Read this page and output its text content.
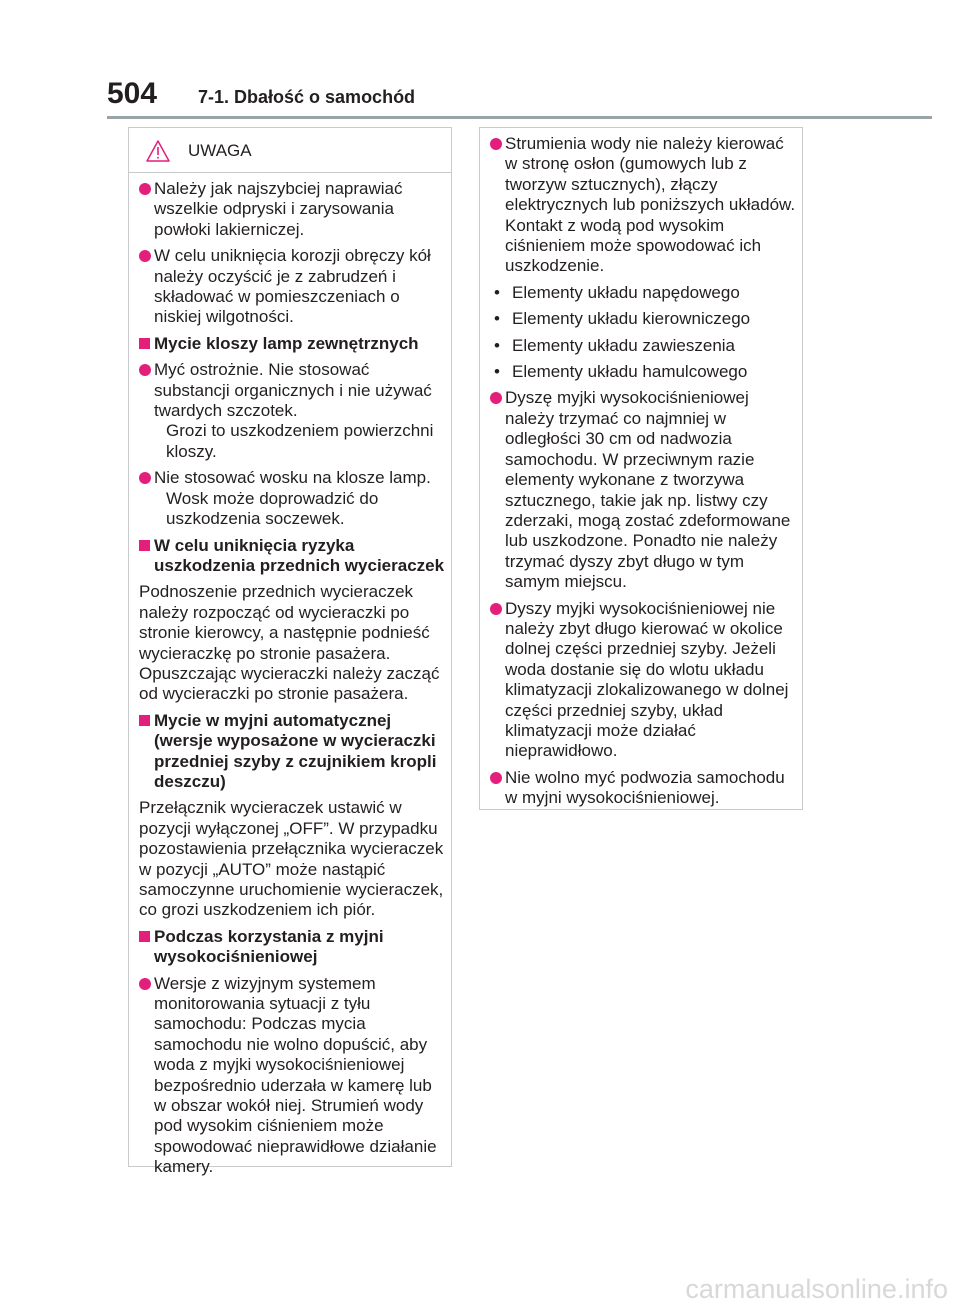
504 7-1. Dbałość o samochód
UWAGA
Należy jak najszybciej naprawiać wszelkie odpryski i zarysowania powłoki lakierniczej.
W celu uniknięcia korozji obręczy kół należy oczyścić je z zabrudzeń i składować w pomieszczeniach o niskiej wilgotności.
Mycie kloszy lamp zewnętrznych
Myć ostrożnie. Nie stosować substancji organicznych i nie używać twardych szczotek.
Grozi to uszkodzeniem powierzchni kloszy.
Nie stosować wosku na klosze lamp.
Wosk może doprowadzić do uszkodzenia soczewek.
W celu uniknięcia ryzyka uszkodzenia przednich wycieraczek
Podnoszenie przednich wycieraczek należy rozpocząć od wycieraczki po stronie kierowcy, a następnie podnieść wycieraczkę po stronie pasażera. Opuszczając wycieraczki należy zacząć od wycieraczki po stronie pasażera.
Mycie w myjni automatycznej (wersje wyposażone w wycieraczki przedniej szyby z czujnikiem kropli deszczu)
Przełącznik wycieraczek ustawić w pozycji wyłączonej „OFF”. W przypadku pozostawienia przełącznika wycieraczek w pozycji „AUTO” może nastąpić samoczynne uruchomienie wycieraczek, co grozi uszkodzeniem ich piór.
Podczas korzystania z myjni wysokociśnieniowej
Wersje z wizyjnym systemem monitorowania sytuacji z tyłu samochodu: Podczas mycia samochodu nie wolno dopuścić, aby woda z myjki wysokociśnieniowej bezpośrednio uderzała w kamerę lub w obszar wokół niej. Strumień wody pod wysokim ciśnieniem może spowodować nieprawidłowe działanie kamery.
Strumienia wody nie należy kierować w stronę osłon (gumowych lub z tworzyw sztucznych), złączy elektrycznych lub poniższych układów. Kontakt z wodą pod wysokim ciśnieniem może spowodować ich uszkodzenie.
• Elementy układu napędowego
• Elementy układu kierowniczego
• Elementy układu zawieszenia
• Elementy układu hamulcowego
Dyszę myjki wysokociśnieniowej należy trzymać co najmniej w odległości 30 cm od nadwozia samochodu. W przeciwnym razie elementy wykonane z tworzywa sztucznego, takie jak np. listwy czy zderzaki, mogą zostać zdeformowane lub uszkodzone. Ponadto nie należy trzymać dyszy zbyt długo w tym samym miejscu.
Dyszy myjki wysokociśnieniowej nie należy zbyt długo kierować w okolice dolnej części przedniej szyby. Jeżeli woda dostanie się do wlotu układu klimatyzacji zlokalizowanego w dolnej części przedniej szyby, układ klimatyzacji może działać nieprawidłowo.
Nie wolno myć podwozia samochodu w myjni wysokociśnieniowej.
carmanualsonline.info
